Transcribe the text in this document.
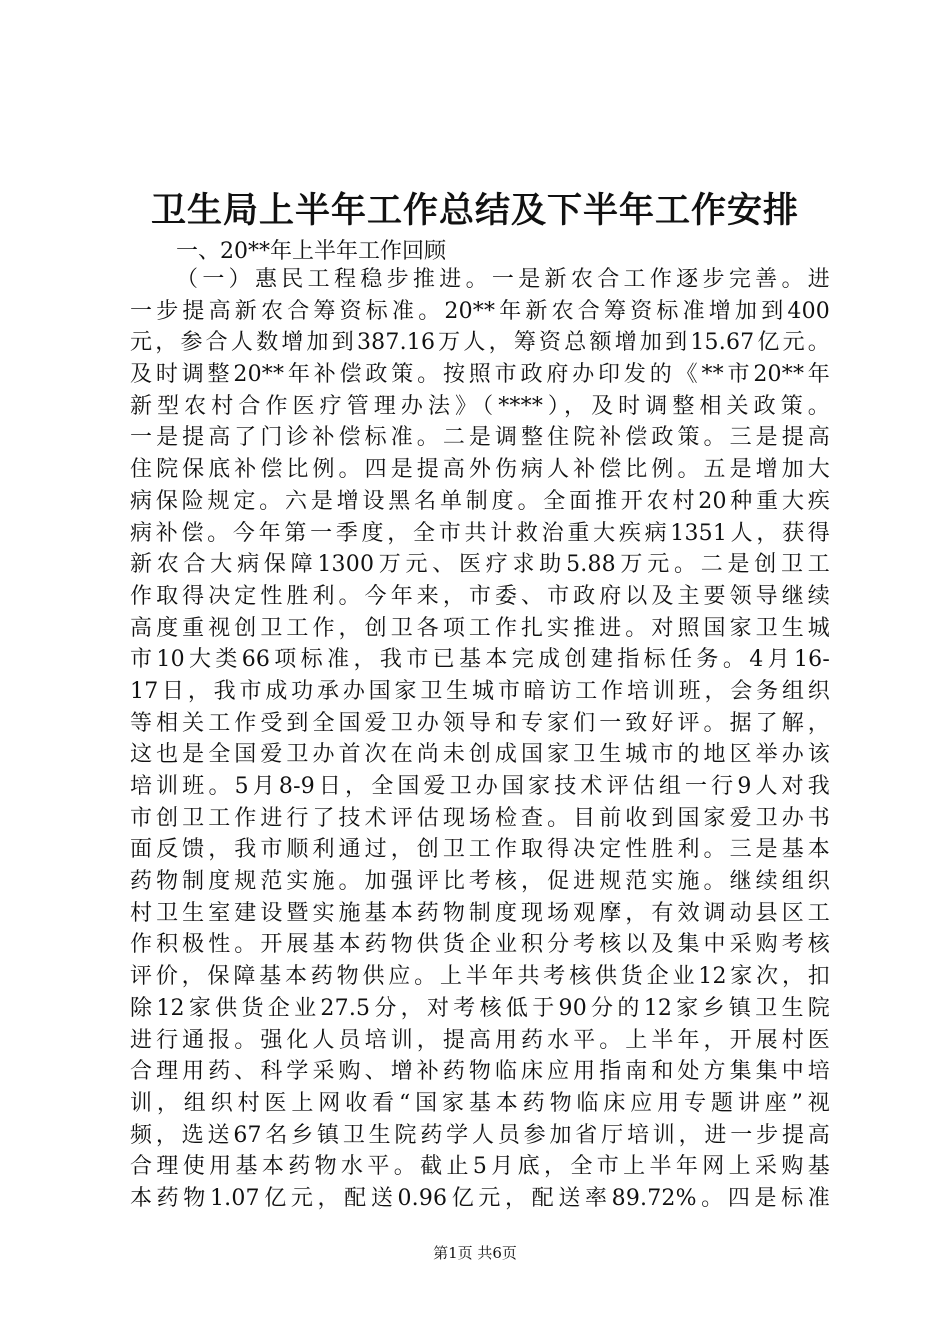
卫生局上半年工作总结及下半年工作安排
一、20**年上半年工作回顾
（一）惠民工程稳步推进。一是新农合工作逐步完善。进
一步提高新农合筹资标准。20**年新农合筹资标准增加到400
元，参合人数增加到387.16万人，筹资总额增加到15.67亿元。
及时调整20**年补偿政策。按照市政府办印发的《**市20**年
新型农村合作医疗管理办法》（****），及时调整相关政策。
一是提高了门诊补偿标准。二是调整住院补偿政策。三是提高
住院保底补偿比例。四是提高外伤病人补偿比例。五是增加大
病保险规定。六是增设黑名单制度。全面推开农村20种重大疾
病补偿。今年第一季度，全市共计救治重大疾病1351人，获得
新农合大病保障1300万元、医疗求助5.88万元。二是创卫工
作取得决定性胜利。今年来，市委、市政府以及主要领导继续
高度重视创卫工作，创卫各项工作扎实推进。对照国家卫生城
市10大类66项标准，我市已基本完成创建指标任务。4月16-
17日，我市成功承办国家卫生城市暗访工作培训班，会务组织
等相关工作受到全国爱卫办领导和专家们一致好评。据了解，
这也是全国爱卫办首次在尚未创成国家卫生城市的地区举办该
培训班。5月8-9日，全国爱卫办国家技术评估组一行9人对我
市创卫工作进行了技术评估现场检查。目前收到国家爱卫办书
面反馈，我市顺利通过，创卫工作取得决定性胜利。三是基本
药物制度规范实施。加强评比考核，促进规范实施。继续组织
村卫生室建设暨实施基本药物制度现场观摩，有效调动县区工
作积极性。开展基本药物供货企业积分考核以及集中采购考核
评价，保障基本药物供应。上半年共考核供货企业12家次，扣
除12家供货企业27.5分，对考核低于90分的12家乡镇卫生院
进行通报。强化人员培训，提高用药水平。上半年，开展村医
合理用药、科学采购、增补药物临床应用指南和处方集集中培
训，组织村医上网收看“国家基本药物临床应用专题讲座”视
频，选送67名乡镇卫生院药学人员参加省厅培训，进一步提高
合理使用基本药物水平。截止5月底，全市上半年网上采购基
本药物1.07亿元，配送0.96亿元，配送率89.72%。四是标准
第1页 共6页
